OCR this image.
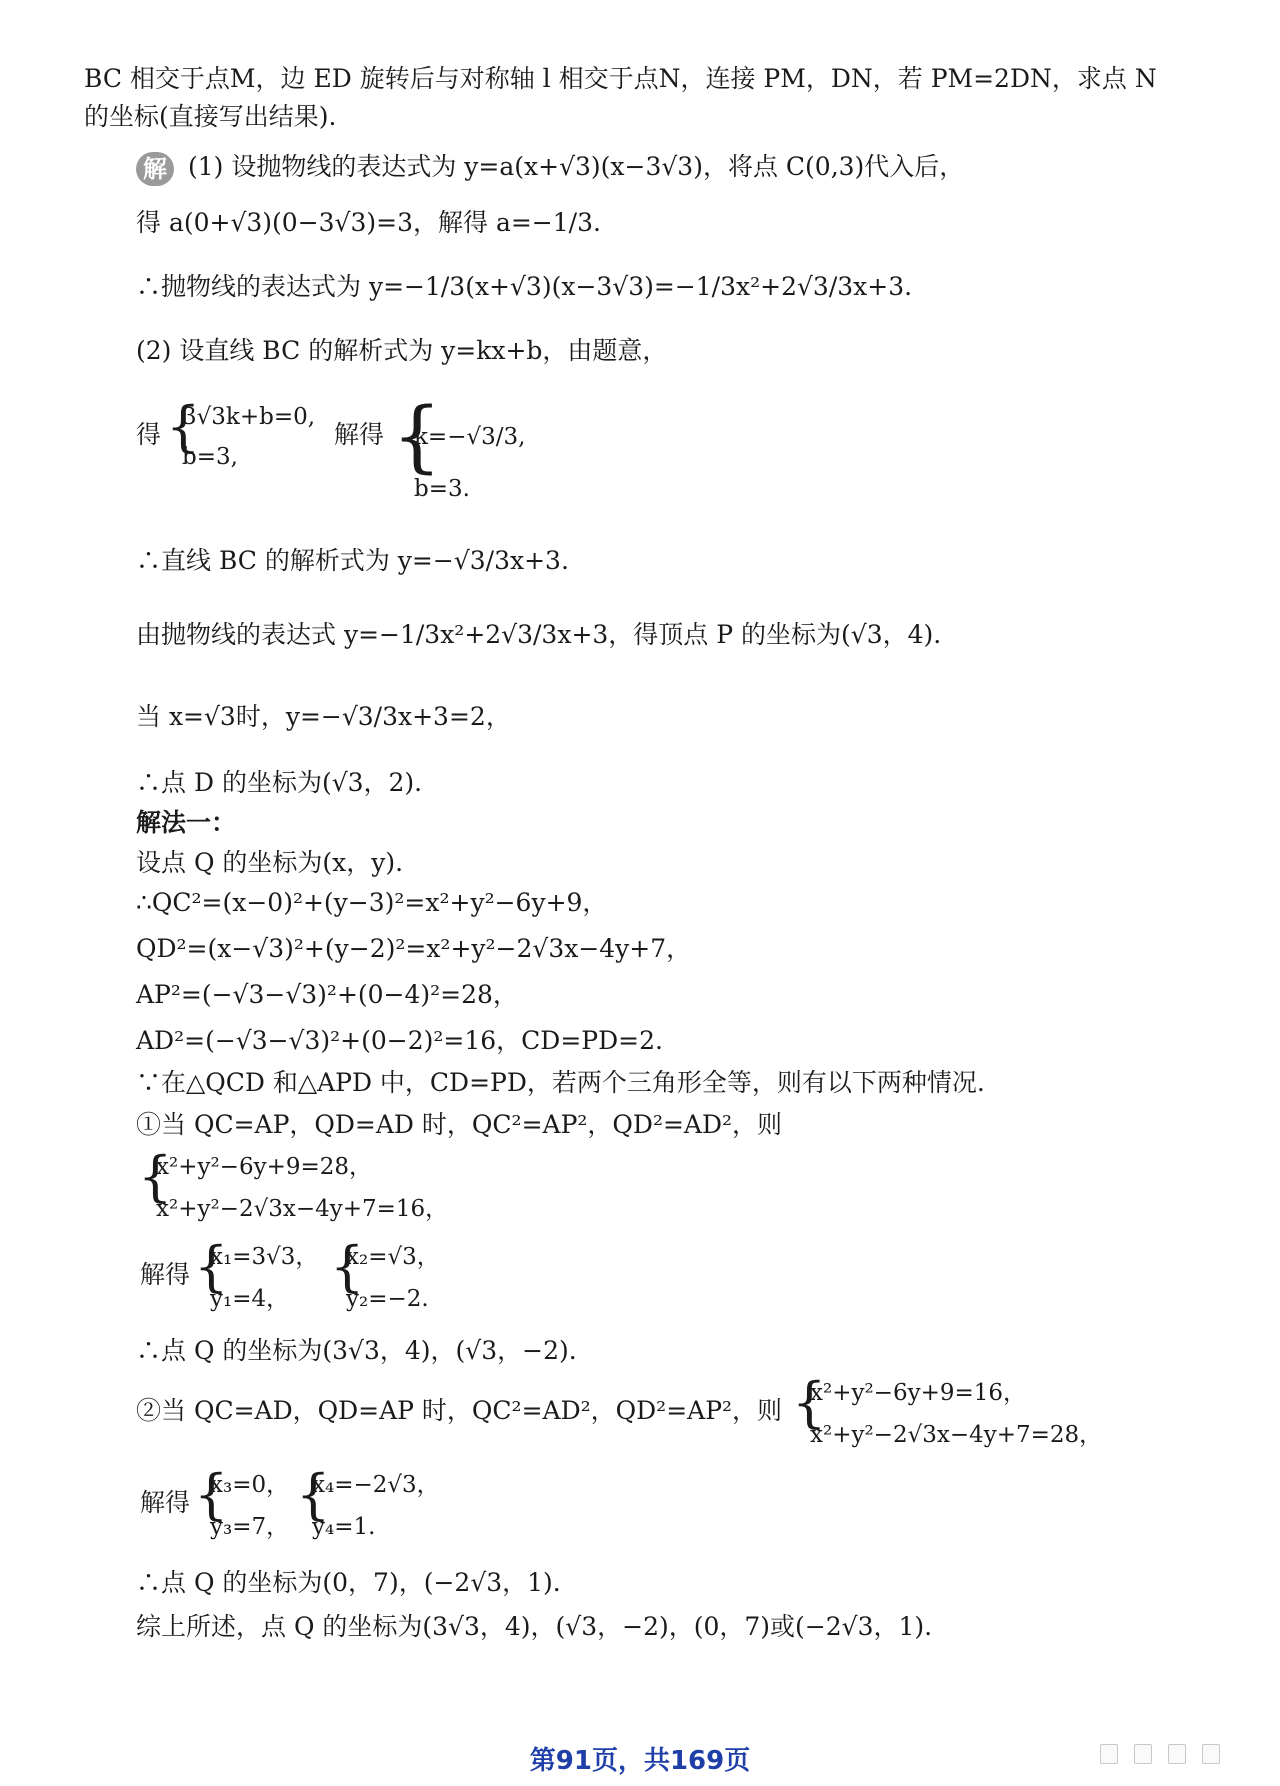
BC 相交于点M，边 ED 旋转后与对称轴 l 相交于点N，连接 PM，DN，若 PM=2DN，求点 N
的坐标(直接写出结果).
解 (1) 设抛物线的表达式为 y=a(x+√3)(x−3√3)，将点 C(0,3)代入后，
得 a(0+√3)(0−3√3)=3，解得 a=−1/3.
∴抛物线的表达式为 y=−1/3(x+√3)(x−3√3)=−1/3x²+2√3/3x+3.
(2) 设直线 BC 的解析式为 y=kx+b，由题意，
得 {
3√3k+b=0,
b=3,
解得 {
k=−√3/3,
b=3.
∴直线 BC 的解析式为 y=−√3/3x+3.
由抛物线的表达式 y=−1/3x²+2√3/3x+3，得顶点 P 的坐标为(√3，4).
当 x=√3时，y=−√3/3x+3=2，
∴点 D 的坐标为(√3，2).
解法一：
设点 Q 的坐标为(x，y).
∴QC²=(x−0)²+(y−3)²=x²+y²−6y+9，
QD²=(x−√3)²+(y−2)²=x²+y²−2√3x−4y+7，
AP²=(−√3−√3)²+(0−4)²=28，
AD²=(−√3−√3)²+(0−2)²=16，CD=PD=2.
∵在△QCD 和△APD 中，CD=PD，若两个三角形全等，则有以下两种情况.
①当 QC=AP，QD=AD 时，QC²=AP²，QD²=AD²，则
{
x²+y²−6y+9=28，
x²+y²−2√3x−4y+7=16，
解得 {
x₁=3√3，
y₁=4，
{
x₂=√3，
y₂=−2.
∴点 Q 的坐标为(3√3，4)，(√3，−2).
②当 QC=AD，QD=AP 时，QC²=AD²，QD²=AP²，则 {
x²+y²−6y+9=16，
x²+y²−2√3x−4y+7=28，
解得 {
x₃=0，
y₃=7，
{
x₄=−2√3，
y₄=1.
∴点 Q 的坐标为(0，7)，(−2√3，1).
综上所述，点 Q 的坐标为(3√3，4)，(√3，−2)，(0，7)或(−2√3，1).
第91页，共169页
